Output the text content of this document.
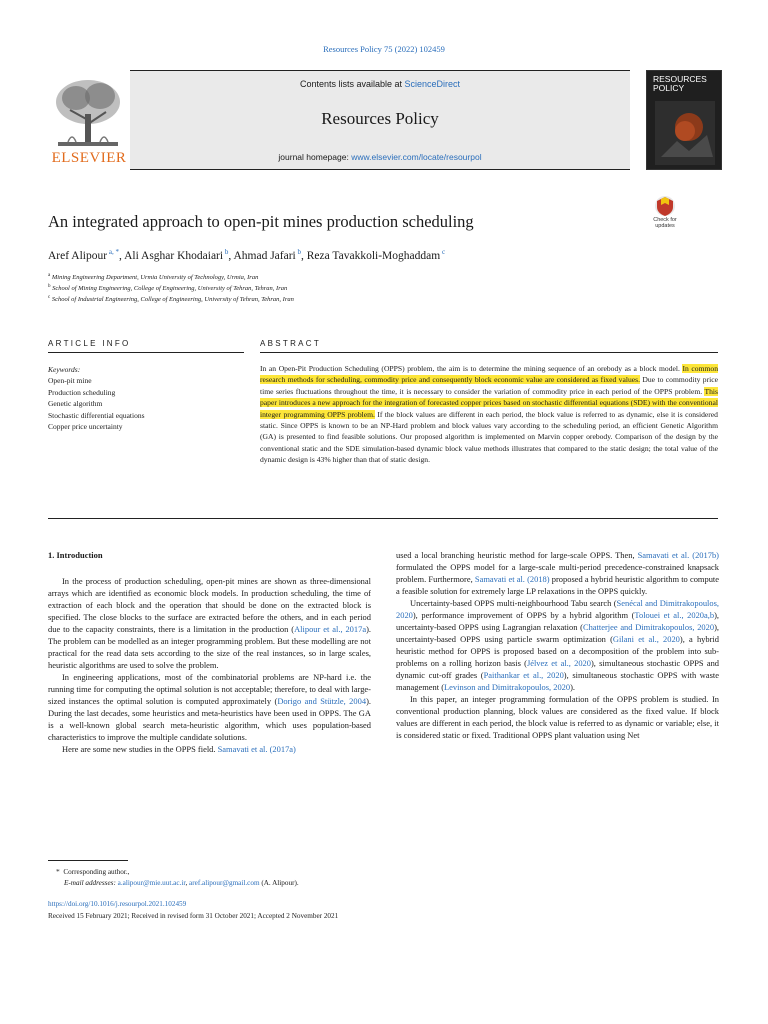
Resources Policy 75 (2022) 102459
ELSEVIER
Contents lists available at ScienceDirect
Resources Policy
journal homepage: www.elsevier.com/locate/resourpol
RESOURCES
POLICY
An integrated approach to open-pit mines production scheduling	Check for
updates
Aref Alipour $^{a, *}$, Ali Asghar Khodaiari $^b$, Ahmad Jafari $^b$, Reza Tavakkoli-Moghaddam $^c$
$^a$ Mining Engineering Department, Urmia University of Technology, Urmia, Iran
$^b$ School of Mining Engineering, College of Engineering, University of Tehran, Tehran, Iran
$^c$ School of Industrial Engineering, College of Engineering, University of Tehran, Tehran, Iran
ARTICLE INFO	ABSTRACT
Keywords:
Open-pit mine
Production scheduling
Genetic algorithm
Stochastic differential equations
Copper price uncertainty
In an Open-Pit Production Scheduling (OPPS) problem, the aim is to determine the mining sequence of an orebody as a block model. In common research methods for scheduling, commodity price and consequently block economic value are considered as fixed values. Due to commodity price time series fluctuations throughout the time, it is necessary to consider the variation of commodity price in each period of the OPPS problem. This paper introduces a new approach for the integration of forecasted copper prices based on stochastic differential equations (SDE) with the conventional integer programming OPPS problem. If the block values are different in each period, the block value is referred to as dynamic, else it is considered static. Since OPPS is known to be an NP-Hard problem and block values vary according to the scheduling period, an efficient Genetic Algorithm (GA) is presented to find feasible solutions. Our proposed algorithm is implemented on Marvin copper orebody. Comparison of the design by the conventional static and the SDE simulation-based dynamic block value methods illustrates that compared to the static design; the total value of the dynamic design is 43% higher than that of static design.
1. Introduction

In the process of production scheduling, open-pit mines are shown as three-dimensional arrays which are identified as economic block models. In production scheduling, the time of extraction of each block and the operation that should be done on the extracted block is specified. The close blocks to the surface are extracted before the others, and in each period due to the capacity constraints, there is a limitation in the production (Alipour et al., 2017a). The problem can be modelled as an integer programming problem. But these modelling are not practical for the read data sets according to the size of the real instances, so in large scales, heuristic algorithms are used to solve the problem.

In engineering applications, most of the combinatorial problems are NP-hard i.e. the running time for computing the optimal solution is not acceptable; therefore, to deal with large-sized instances the optimal solution is computed approximately (Dorigo and Stützle, 2004). During the last decades, some heuristics and meta-heuristics have been used in OPPS. The GA is a well-known global search meta-heuristic algorithm, which uses population-based characteristics to improve the multiple candidate solutions.

Here are some new studies in the OPPS field. Samavati et al. (2017a)

used a local branching heuristic method for large-scale OPPS. Then, Samavati et al. (2017b) formulated the OPPS model for a large-scale multi-period precedence-constrained knapsack problem. Furthermore, Samavati et al. (2018) proposed a hybrid heuristic algorithm to compute a feasible solution for extremely large LP relaxations in the OPPS quickly.

Uncertainty-based OPPS multi-neighbourhood Tabu search (Senécal and Dimitrakopoulos, 2020), performance improvement of OPPS by a hybrid algorithm (Tolouei et al., 2020a,b), uncertainty-based OPPS using Lagrangian relaxation (Chatterjee and Dimitrakopoulos, 2020), uncertainty-based OPPS using particle swarm optimization (Gilani et al., 2020), a hybrid heuristic method for OPPS is proposed based on a decomposition of the problem into sub-problems on a rolling horizon basis (Jélvez et al., 2020), simultaneous stochastic OPPS and dynamic cut-off grades (Paithankar et al., 2020), simultaneous stochastic OPPS with waste management (Levinson and Dimitrakopoulos, 2020).

In this paper, an integer programming formulation of the OPPS problem is studied. In conventional production planning, block values are considered as the fixed value. If block values are different in each period, the block value is referred to as dynamic or variable; else, it is considered static or fixed. Traditional OPPS plant valuation using Net

* Corresponding author.,
E-mail addresses: a.alipour@mie.uut.ac.ir, aref.alipour@gmail.com (A. Alipour).
https://doi.org/10.1016/j.resourpol.2021.102459
Received 15 February 2021; Received in revised form 31 October 2021; Accepted 2 November 2021
